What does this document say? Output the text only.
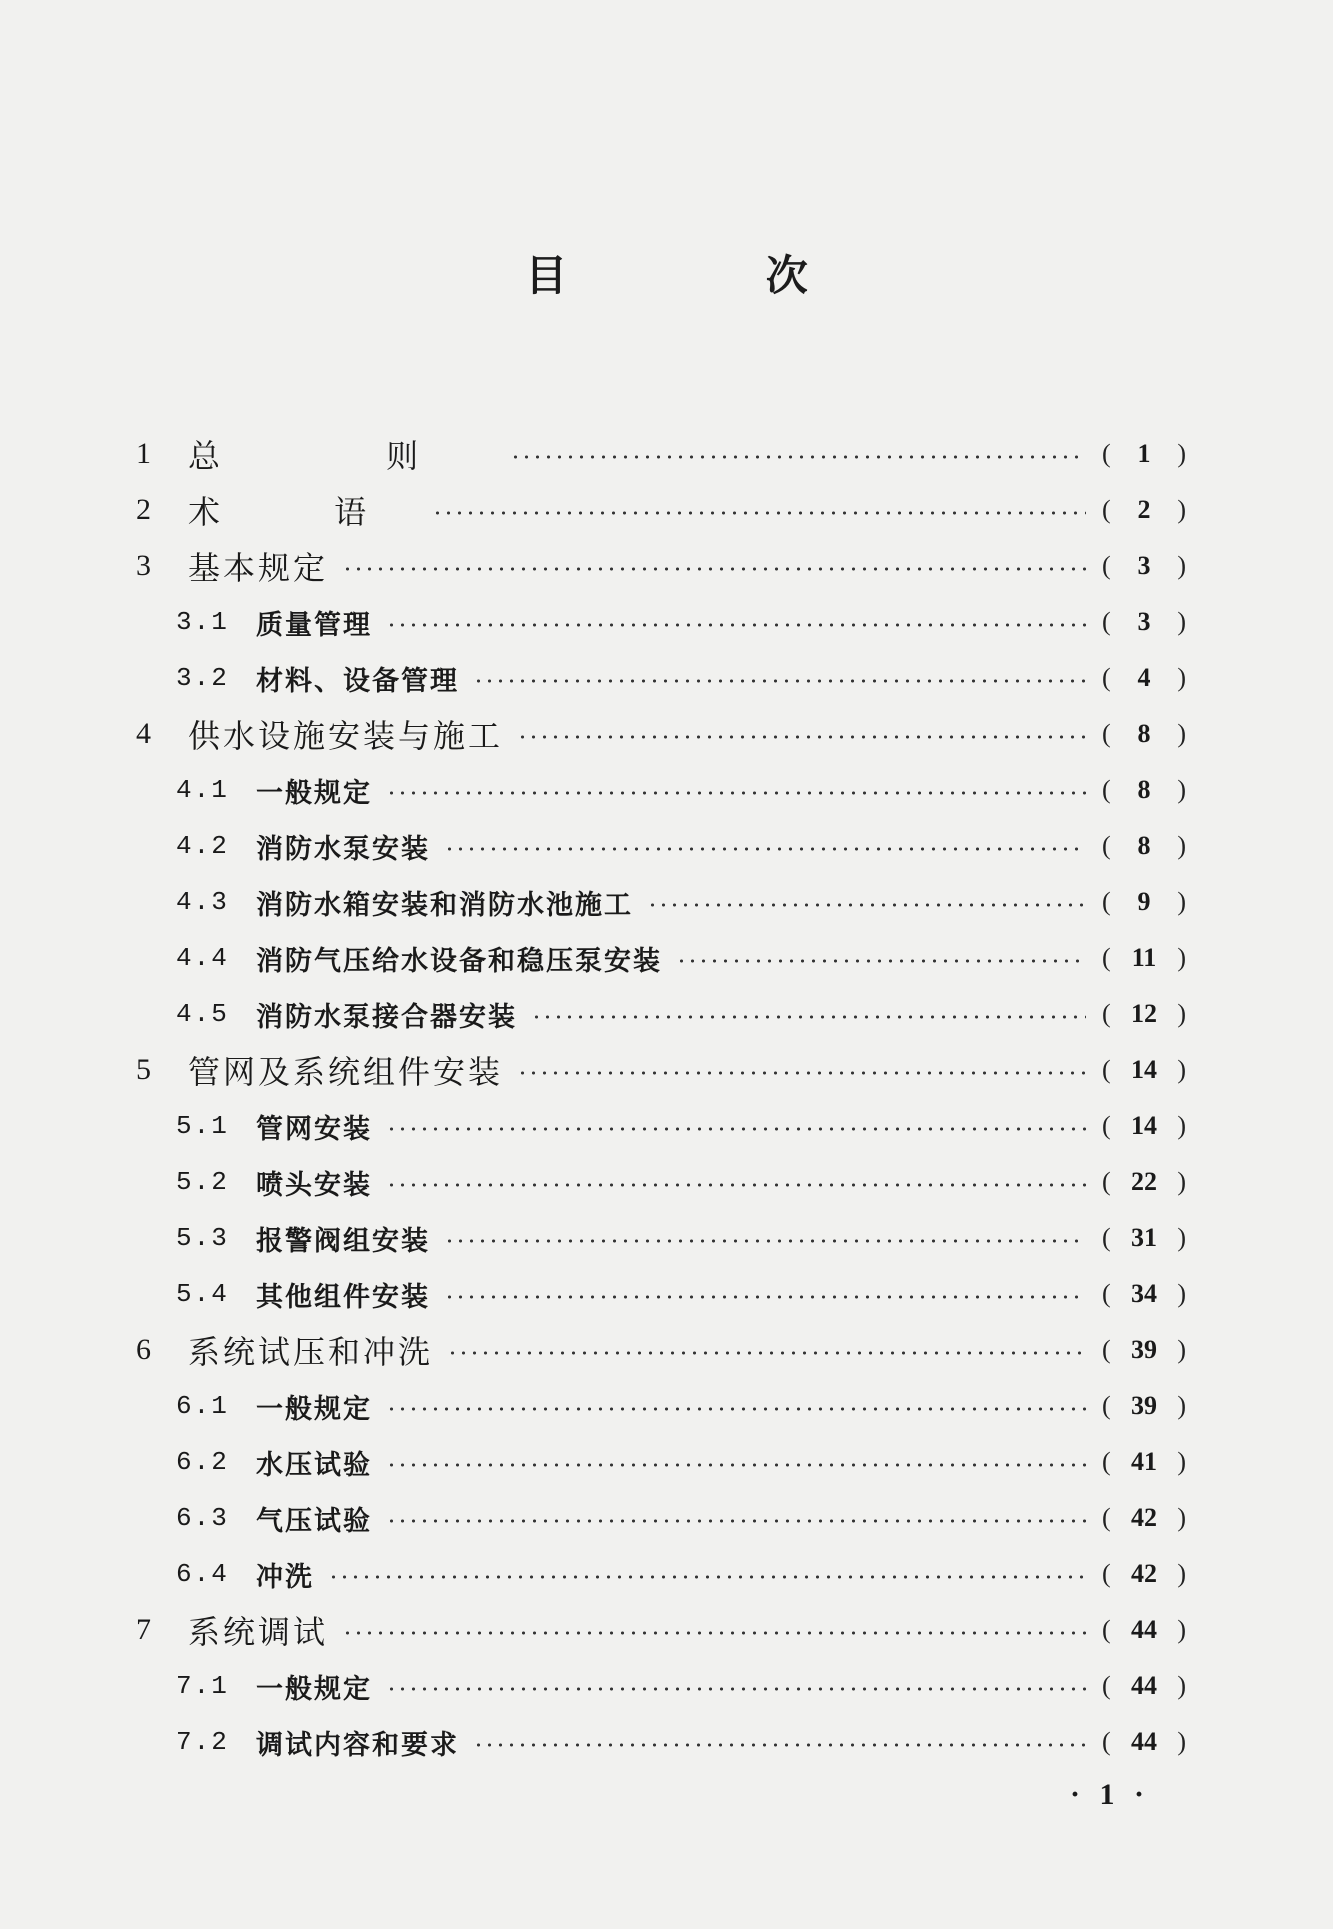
目 次
1	总 则	(	1	)
2	术 语	(	2	)
3	基本规定	(	3	)
3.1	质量管理	(	3	)
3.2	材料、设备管理	(	4	)
4	供水设施安装与施工	(	8	)
4.1	一般规定	(	8	)
4.2	消防水泵安装	(	8	)
4.3	消防水箱安装和消防水池施工	(	9	)
4.4	消防气压给水设备和稳压泵安装	( 11 )
4.5	消防水泵接合器安装	( 12 )
5	管网及系统组件安装	( 14 )
5.1	管网安装	( 14 )
5.2	喷头安装	( 22 )
5.3	报警阀组安装	( 31 )
5.4	其他组件安装	( 34 )
6	系统试压和冲洗	( 39 )
6.1	一般规定	( 39 )
6.2	水压试验	( 41 )
6.3	气压试验	( 42 )
6.4	冲洗	( 42 )
7	系统调试	( 44 )
7.1	一般规定	( 44 )
7.2	调试内容和要求	( 44 )
· 1 ·
